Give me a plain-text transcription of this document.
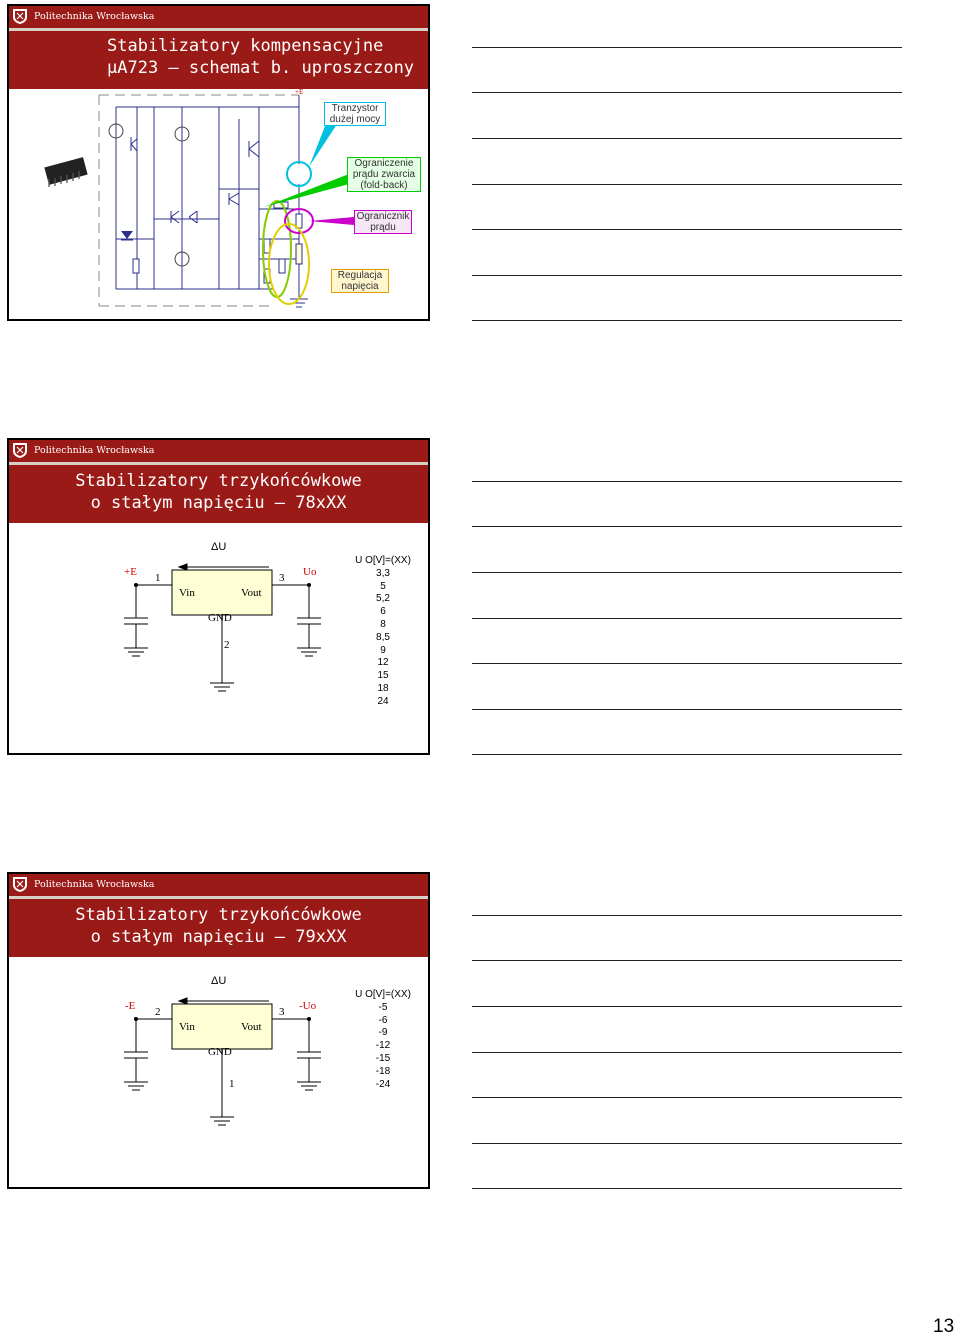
Politechnika Wrocławska
Stabilizatory kompensacyjne
μA723 – schemat b. uproszczony
+E
Tranzystor dużej mocy
Ograniczenie prądu zwarcia (fold-back)
Ogranicznik prądu
Regulacja napięcia
Politechnika Wrocławska
Stabilizatory trzykońcówkowe
o stałym napięciu – 78xXX
ΔU
+E	Uo
1	3
2
Vin	Vout
GND
U O[V]=(XX)
3,3
5
5,2
6
8
8,5
9
12
15
18
24
Politechnika Wrocławska
Stabilizatory trzykońcówkowe
o stałym napięciu – 79xXX
ΔU
-E	-Uo
2	3
1
Vin	Vout
GND
U O[V]=(XX)
-5
-6
-9
-12
-15
-18
-24
13
